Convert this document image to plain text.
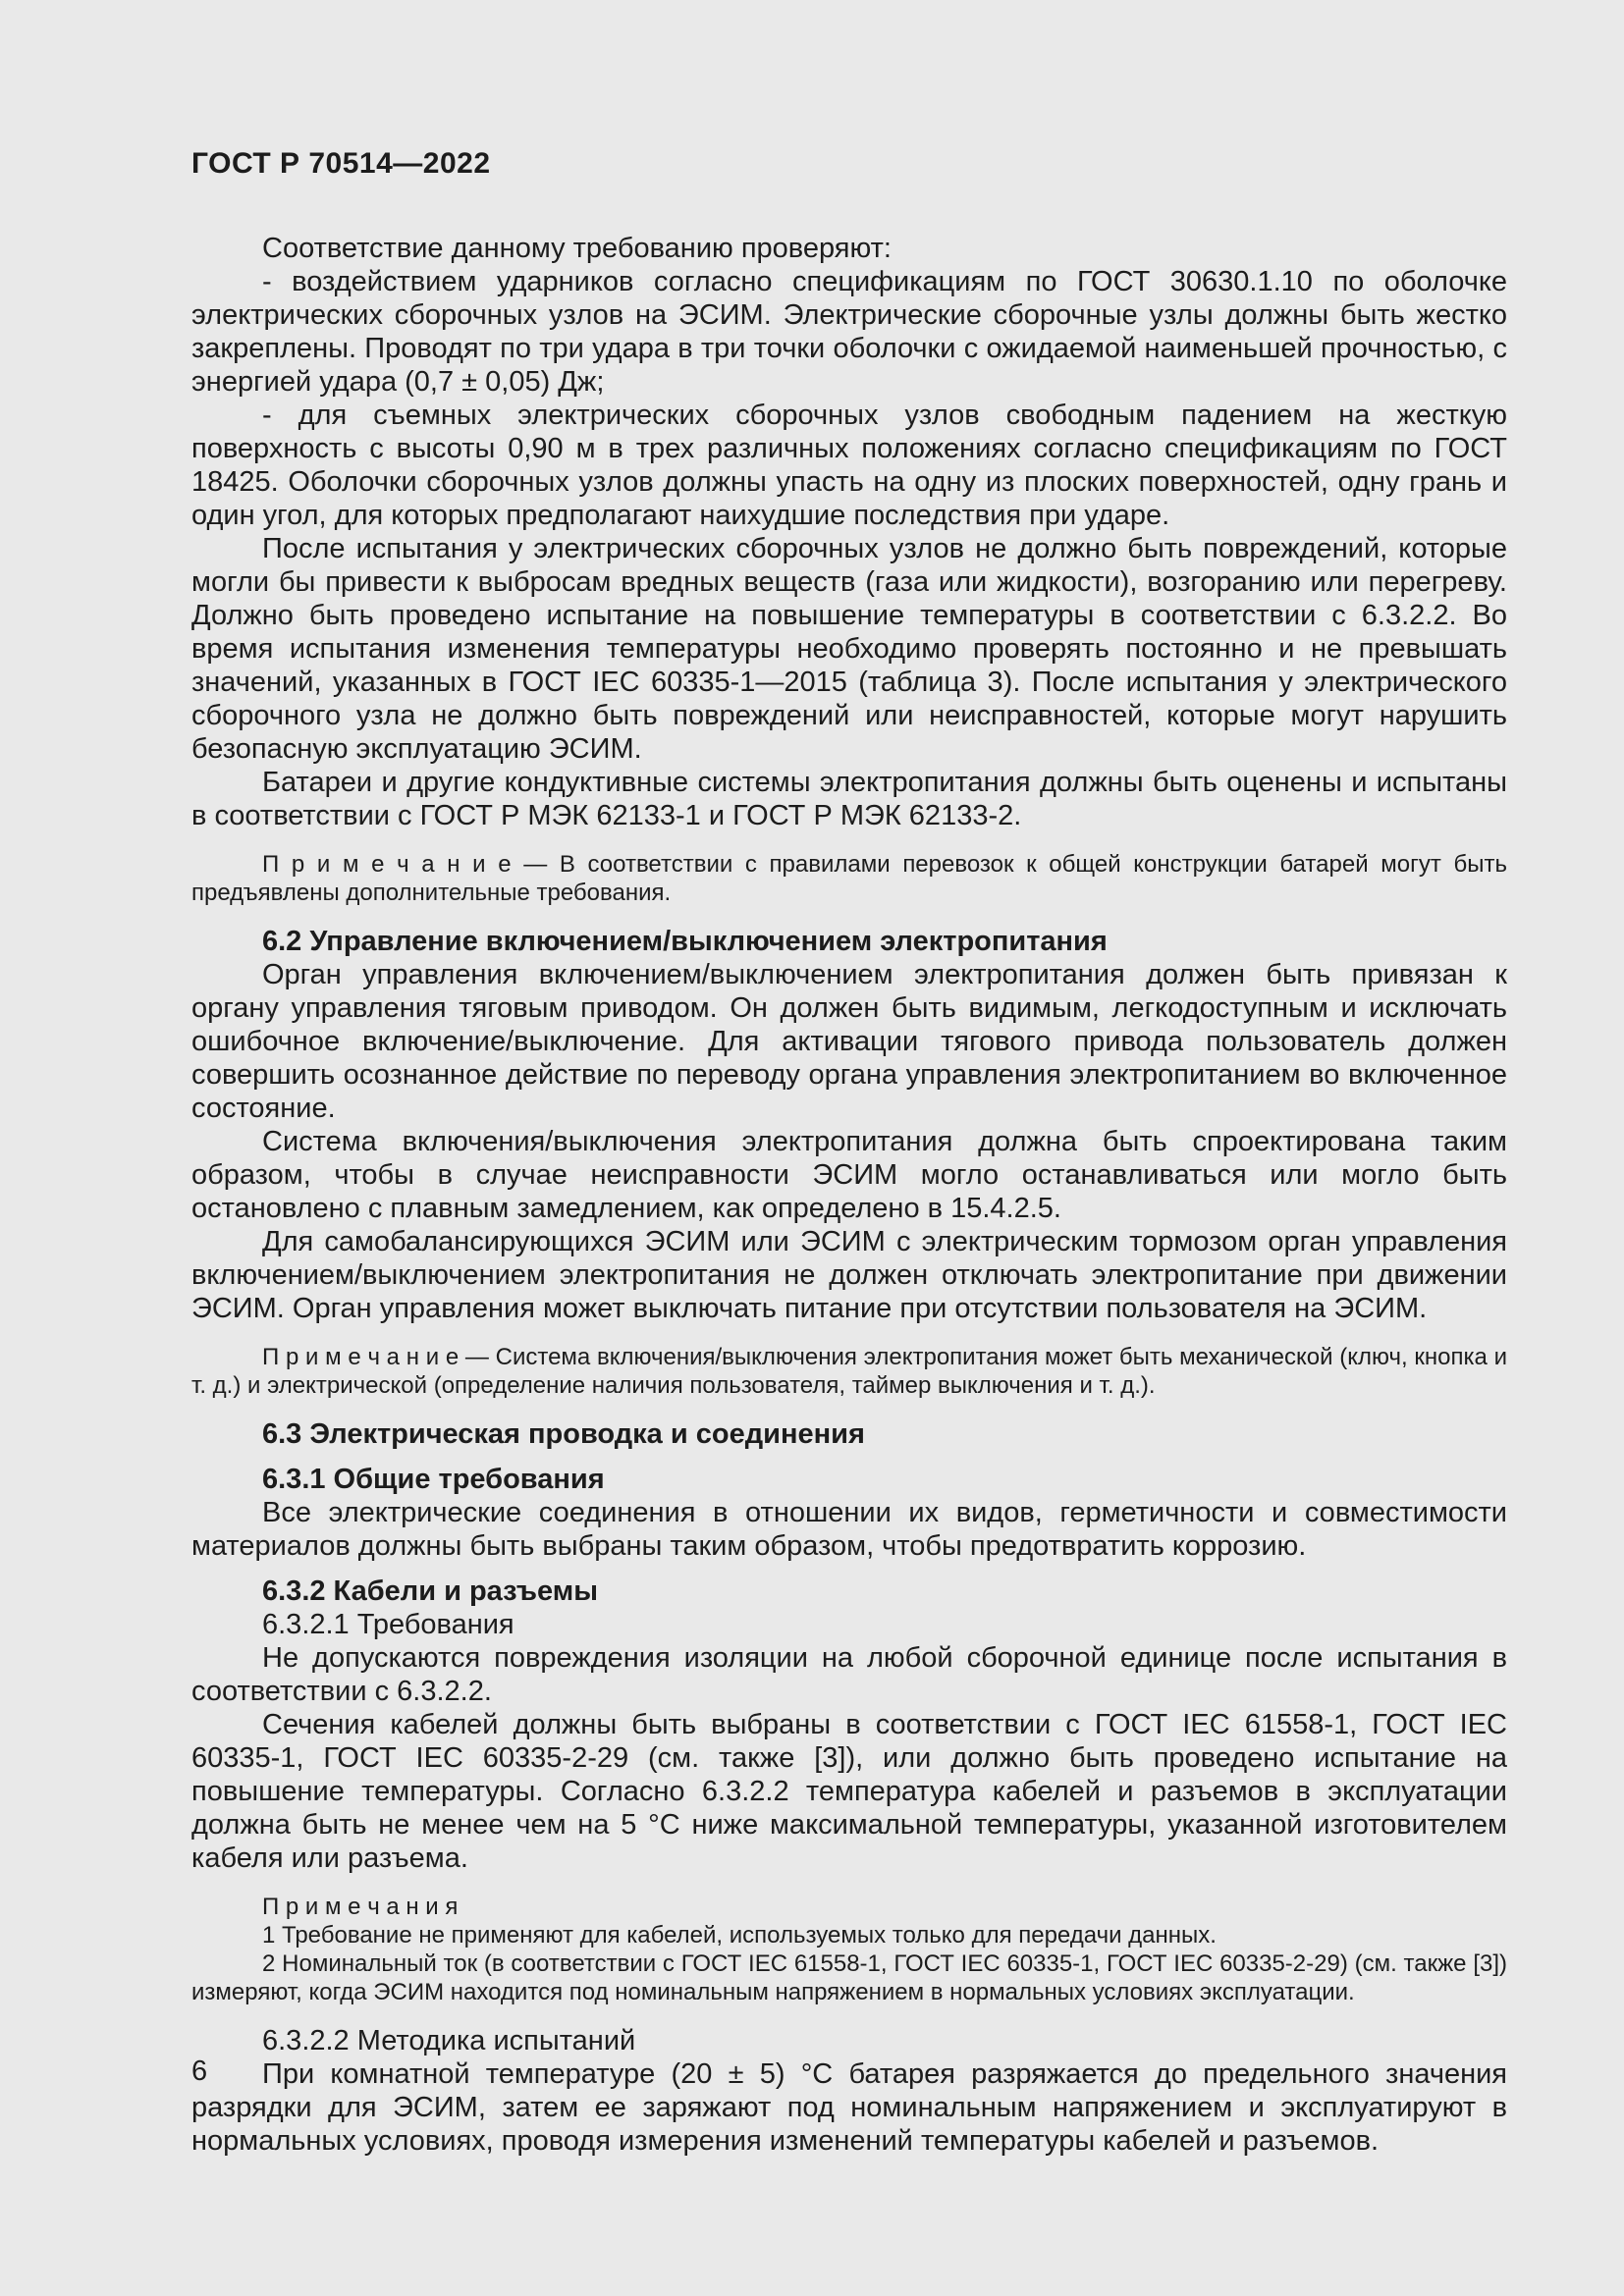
ГОСТ Р 70514—2022

Соответствие данному требованию проверяют:

- воздействием ударников согласно спецификациям по ГОСТ 30630.1.10 по оболочке электрических сборочных узлов на ЭСИМ. Электрические сборочные узлы должны быть жестко закреплены. Проводят по три удара в три точки оболочки с ожидаемой наименьшей прочностью, с энергией удара (0,7 ± 0,05) Дж;

- для съемных электрических сборочных узлов свободным падением на жесткую поверхность с высоты 0,90 м в трех различных положениях согласно спецификациям по ГОСТ 18425. Оболочки сборочных узлов должны упасть на одну из плоских поверхностей, одну грань и один угол, для которых предполагают наихудшие последствия при ударе.

После испытания у электрических сборочных узлов не должно быть повреждений, которые могли бы привести к выбросам вредных веществ (газа или жидкости), возгоранию или перегреву. Должно быть проведено испытание на повышение температуры в соответствии с 6.3.2.2. Во время испытания изменения температуры необходимо проверять постоянно и не превышать значений, указанных в ГОСТ IEC 60335-1—2015 (таблица 3). После испытания у электрического сборочного узла не должно быть повреждений или неисправностей, которые могут нарушить безопасную эксплуатацию ЭСИМ.

Батареи и другие кондуктивные системы электропитания должны быть оценены и испытаны в соответствии с ГОСТ Р МЭК 62133-1 и ГОСТ Р МЭК 62133-2.

П р и м е ч а н и е — В соответствии с правилами перевозок к общей конструкции батарей могут быть предъявлены дополнительные требования.

6.2 Управление включением/выключением электропитания

Орган управления включением/выключением электропитания должен быть привязан к органу управления тяговым приводом. Он должен быть видимым, легкодоступным и исключать ошибочное включение/выключение. Для активации тягового привода пользователь должен совершить осознанное действие по переводу органа управления электропитанием во включенное состояние.

Система включения/выключения электропитания должна быть спроектирована таким образом, чтобы в случае неисправности ЭСИМ могло останавливаться или могло быть остановлено с плавным замедлением, как определено в 15.4.2.5.

Для самобалансирующихся ЭСИМ или ЭСИМ с электрическим тормозом орган управления включением/выключением электропитания не должен отключать электропитание при движении ЭСИМ. Орган управления может выключать питание при отсутствии пользователя на ЭСИМ.

П р и м е ч а н и е — Система включения/выключения электропитания может быть механической (ключ, кнопка и т. д.) и электрической (определение наличия пользователя, таймер выключения и т. д.).

6.3 Электрическая проводка и соединения

6.3.1 Общие требования

Все электрические соединения в отношении их видов, герметичности и совместимости материалов должны быть выбраны таким образом, чтобы предотвратить коррозию.

6.3.2 Кабели и разъемы

6.3.2.1 Требования

Не допускаются повреждения изоляции на любой сборочной единице после испытания в соответствии с 6.3.2.2.

Сечения кабелей должны быть выбраны в соответствии с ГОСТ IEC 61558-1, ГОСТ IEC 60335-1, ГОСТ IEC 60335-2-29 (см. также [3]), или должно быть проведено испытание на повышение температуры. Согласно 6.3.2.2 температура кабелей и разъемов в эксплуатации должна быть не менее чем на 5 °С ниже максимальной температуры, указанной изготовителем кабеля или разъема.

П р и м е ч а н и я

1 Требование не применяют для кабелей, используемых только для передачи данных.

2 Номинальный ток (в соответствии с ГОСТ IEC 61558-1, ГОСТ IEC 60335-1, ГОСТ IEC 60335-2-29) (см. также [3]) измеряют, когда ЭСИМ находится под номинальным напряжением в нормальных условиях эксплуатации.

6.3.2.2 Методика испытаний

При комнатной температуре (20 ± 5) °С батарея разряжается до предельного значения разрядки для ЭСИМ, затем ее заряжают под номинальным напряжением и эксплуатируют в нормальных условиях, проводя измерения изменений температуры кабелей и разъемов.

6
